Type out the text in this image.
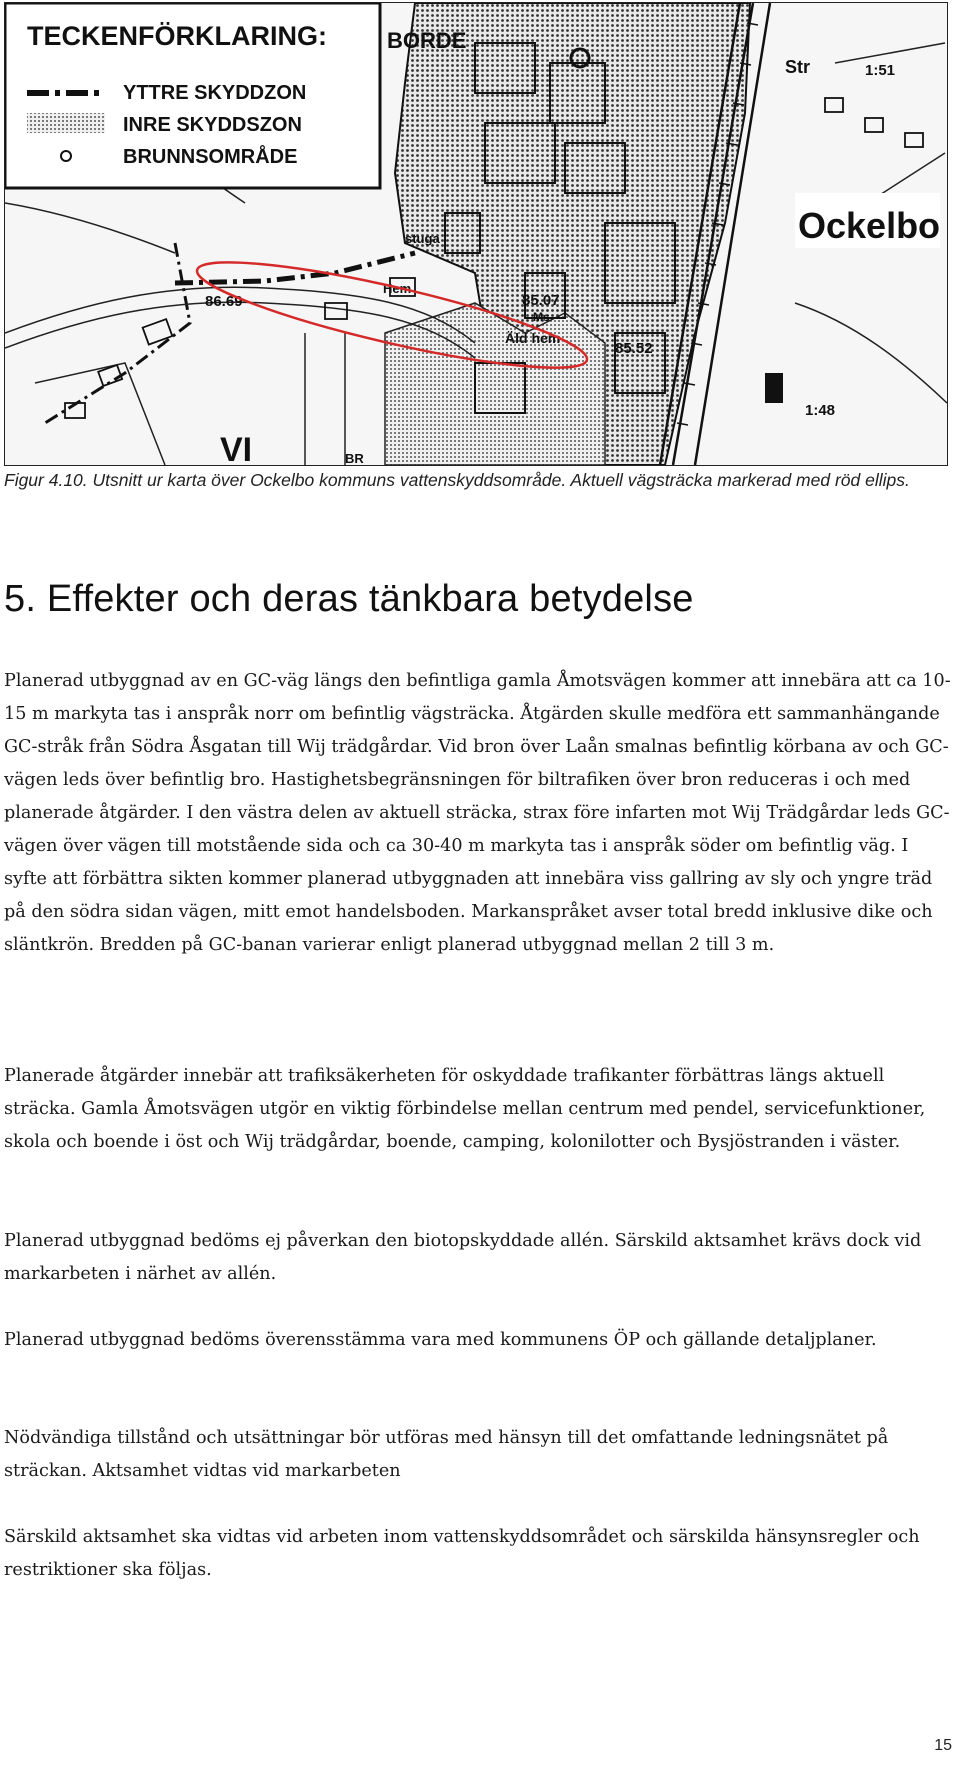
TECKENFÖRKLARING:
YTTRE SKYDDZON
INRE SKYDDSZON
BRUNNSOMRÅDE
BORDE
Ockelbo
Str	1:51
1:48
86.69	85.07
85.52
Hem
stuga
Äld hem
Ms
VI	BR

Figur 4.10. Utsnitt ur karta över Ockelbo kommuns vattenskyddsområde. Aktuell vägsträcka markerad med röd ellips.

5. Effekter och deras tänkbara betydelse

Planerad utbyggnad av en GC-väg längs den befintliga gamla Åmotsvägen kommer att innebära att ca 10-15 m markyta tas i anspråk norr om befintlig vägsträcka. Åtgärden skulle medföra ett sammanhängande GC-stråk från Södra Åsgatan till Wij trädgårdar. Vid bron över Laån smalnas befintlig körbana av och GC-vägen leds över befintlig bro. Hastighetsbegränsningen för biltrafiken över bron reduceras i och med planerade åtgärder. I den västra delen av aktuell sträcka, strax före infarten mot Wij Trädgårdar leds GC-vägen över vägen till motstående sida och ca 30-40 m markyta tas i anspråk söder om befintlig väg. I syfte att förbättra sikten kommer planerad utbyggnaden att innebära viss gallring av sly och yngre träd på den södra sidan vägen, mitt emot handelsboden. Markanspråket avser total bredd inklusive dike och släntkrön. Bredden på GC-banan varierar enligt planerad utbyggnad mellan 2 till 3 m.

Planerade åtgärder innebär att trafiksäkerheten för oskyddade trafikanter förbättras längs aktuell sträcka. Gamla Åmotsvägen utgör en viktig förbindelse mellan centrum med pendel, servicefunktioner, skola och boende i öst och Wij trädgårdar, boende, camping, kolonilotter och Bysjöstranden i väster.

Planerad utbyggnad bedöms ej påverkan den biotopskyddade allén. Särskild aktsamhet krävs dock vid markarbeten i närhet av allén.

Planerad utbyggnad bedöms överensstämma vara med kommunens ÖP och gällande detaljplaner.

Nödvändiga tillstånd och utsättningar bör utföras med hänsyn till det omfattande ledningsnätet på sträckan. Aktsamhet vidtas vid markarbeten

Särskild aktsamhet ska vidtas vid arbeten inom vattenskyddsområdet och särskilda hänsynsregler och restriktioner ska följas.

15
